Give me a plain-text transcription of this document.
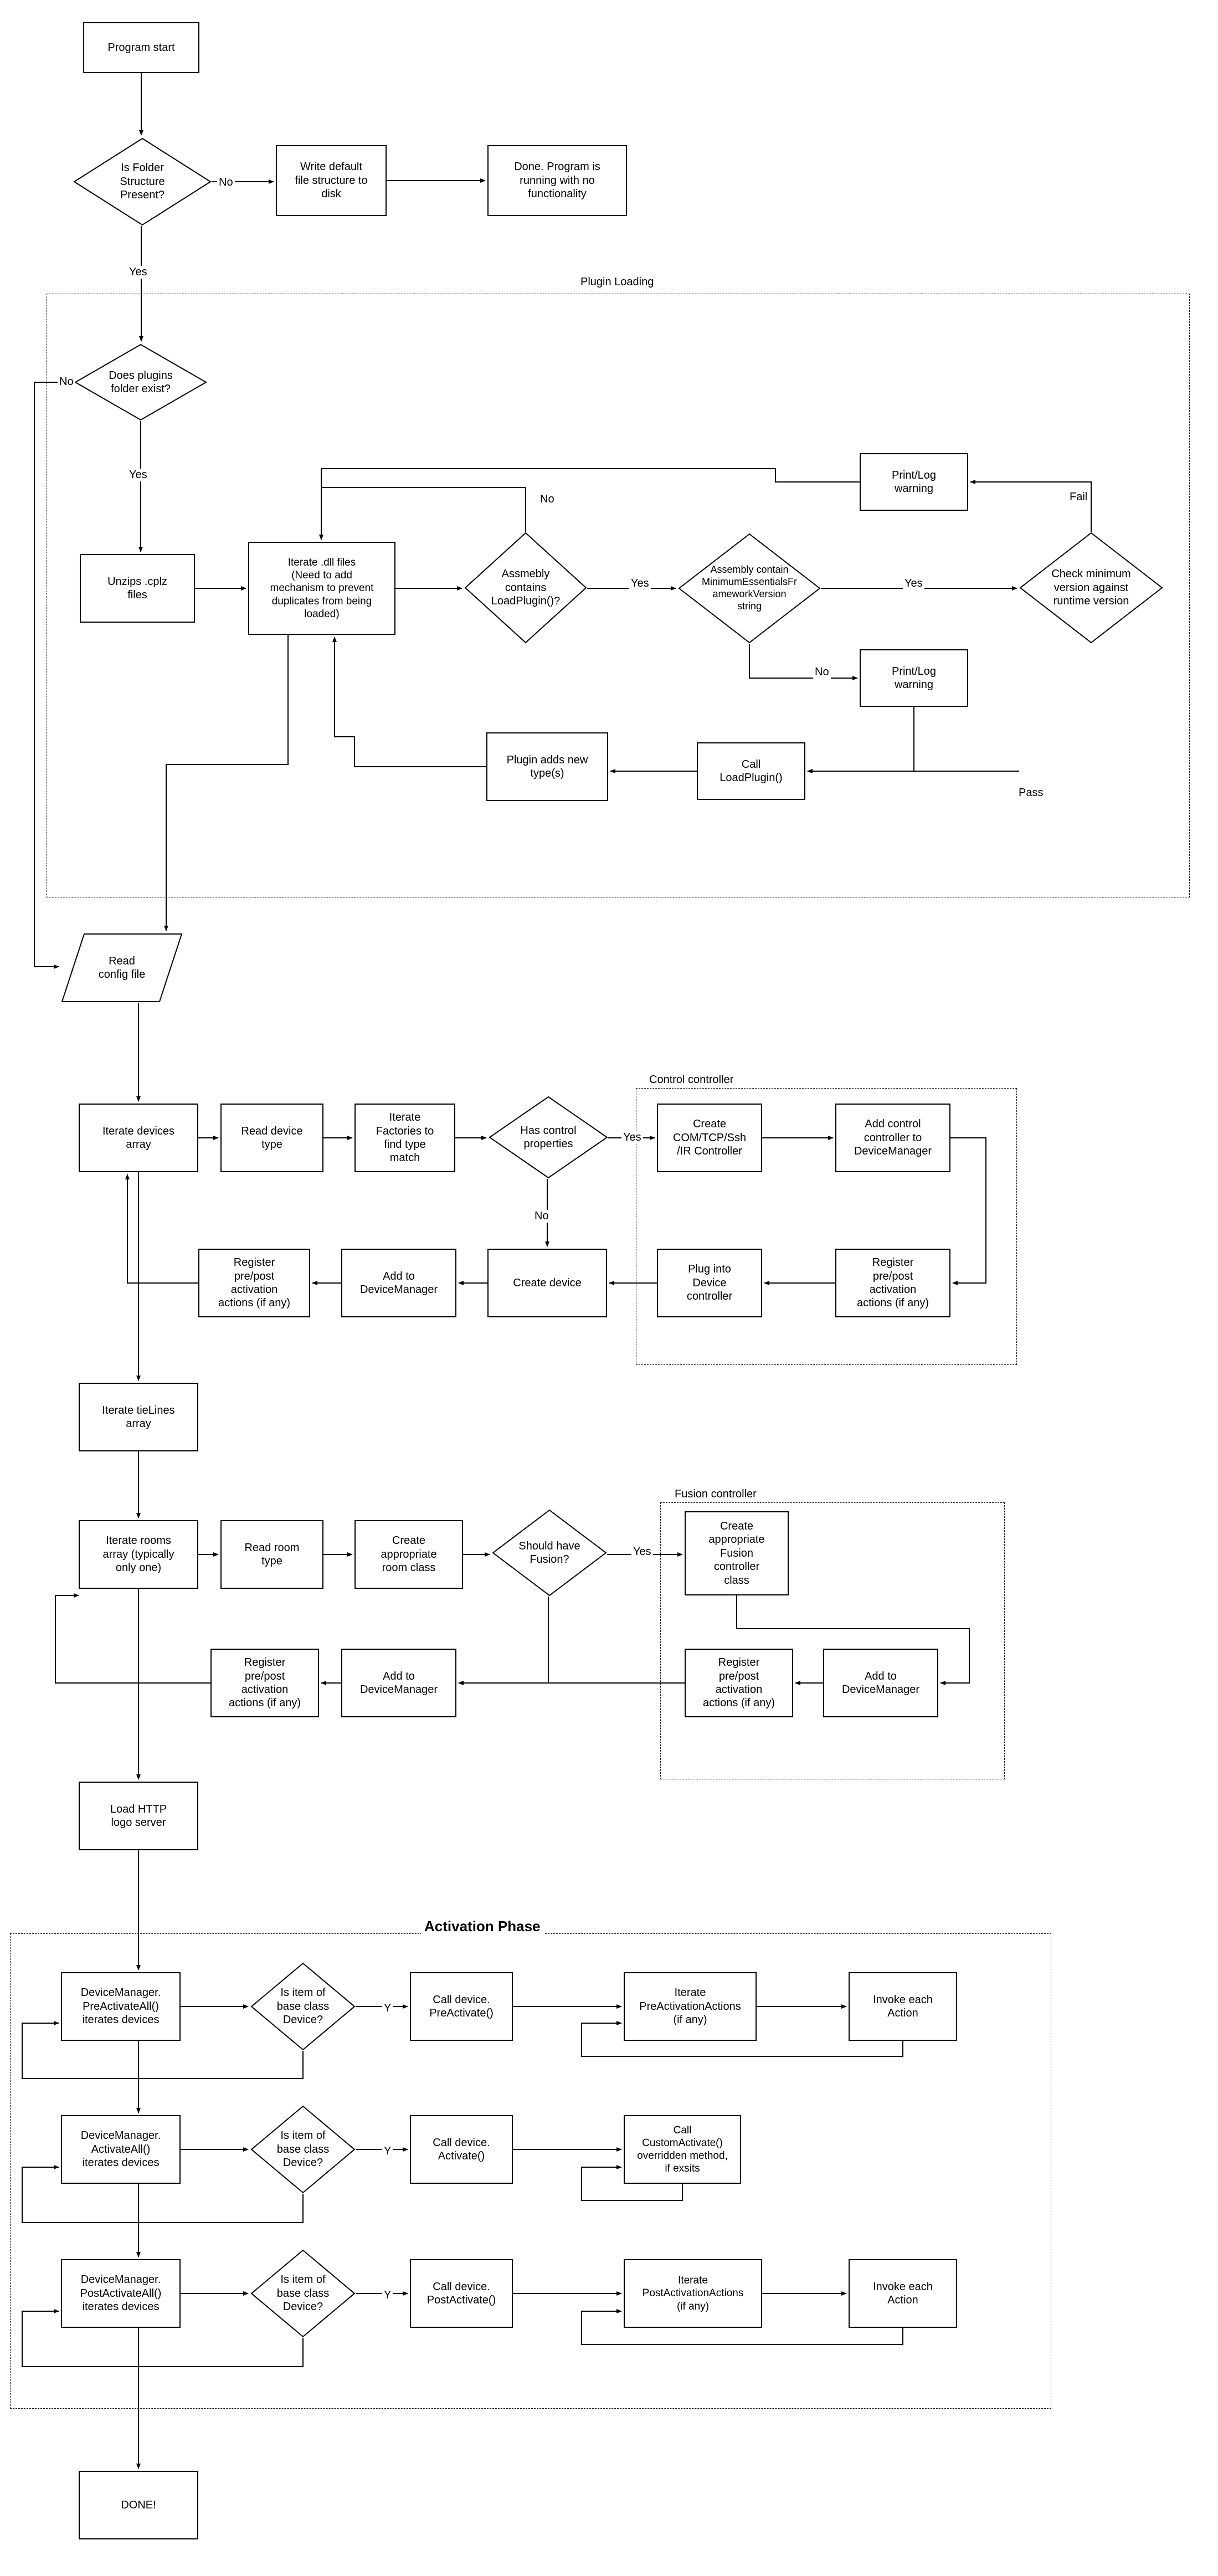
Plugin Loading
Control controller
Fusion controller
Activation Phase
Program start
Is Folder
Structure
Present?
Write default
file structure to
disk
Done. Program is
running with no
functionality
Does plugins
folder exist?
Unzips .cplz
files
Iterate .dll files
(Need to add
mechanism to prevent
duplicates from being
loaded)
Assmebly
contains
LoadPlugin()?
Assembly contain
MinimumEssentialsFr
ameworkVersion
string
Check minimum
version against
runtime version
Print/Log
warning
Print/Log
warning
Call
LoadPlugin()
Plugin adds new
type(s)
Read
config file
Iterate devices
array
Read device
type
Iterate
Factories to
find type
match
Has control
properties
Create
COM/TCP/Ssh
/IR Controller
Add control
controller to
DeviceManager
Plug into
Device
controller
Register
pre/post
activation
actions (if any)
Create device
Add to
DeviceManager
Register
pre/post
activation
actions (if any)
Iterate tieLines
array
Iterate rooms
array (typically
only one)
Read room
type
Create
appropriate
room class
Should have
Fusion?
Create
appropriate
Fusion
controller
class
Add to
DeviceManager
Register
pre/post
activation
actions (if any)
Add to
DeviceManager
Register
pre/post
activation
actions (if any)
Load HTTP
logo server
DeviceManager.
PreActivateAll()
iterates devices
Is item of
base class
Device?
Call device.
PreActivate()
Iterate
PreActivationActions
(if any)
Invoke each
Action
DeviceManager.
ActivateAll()
iterates devices
Is item of
base class
Device?
Call device.
Activate()
Call
CustomActivate()
overridden method,
if exsits
DeviceManager.
PostActivateAll()
iterates devices
Is item of
base class
Device?
Call device.
PostActivate()
Iterate
PostActivationActions
(if any)
Invoke each
Action
DONE!
No
Yes
No
Yes
No
Yes	Yes
No
Fail
Pass
Yes
No
Yes
Y
Y
Y
